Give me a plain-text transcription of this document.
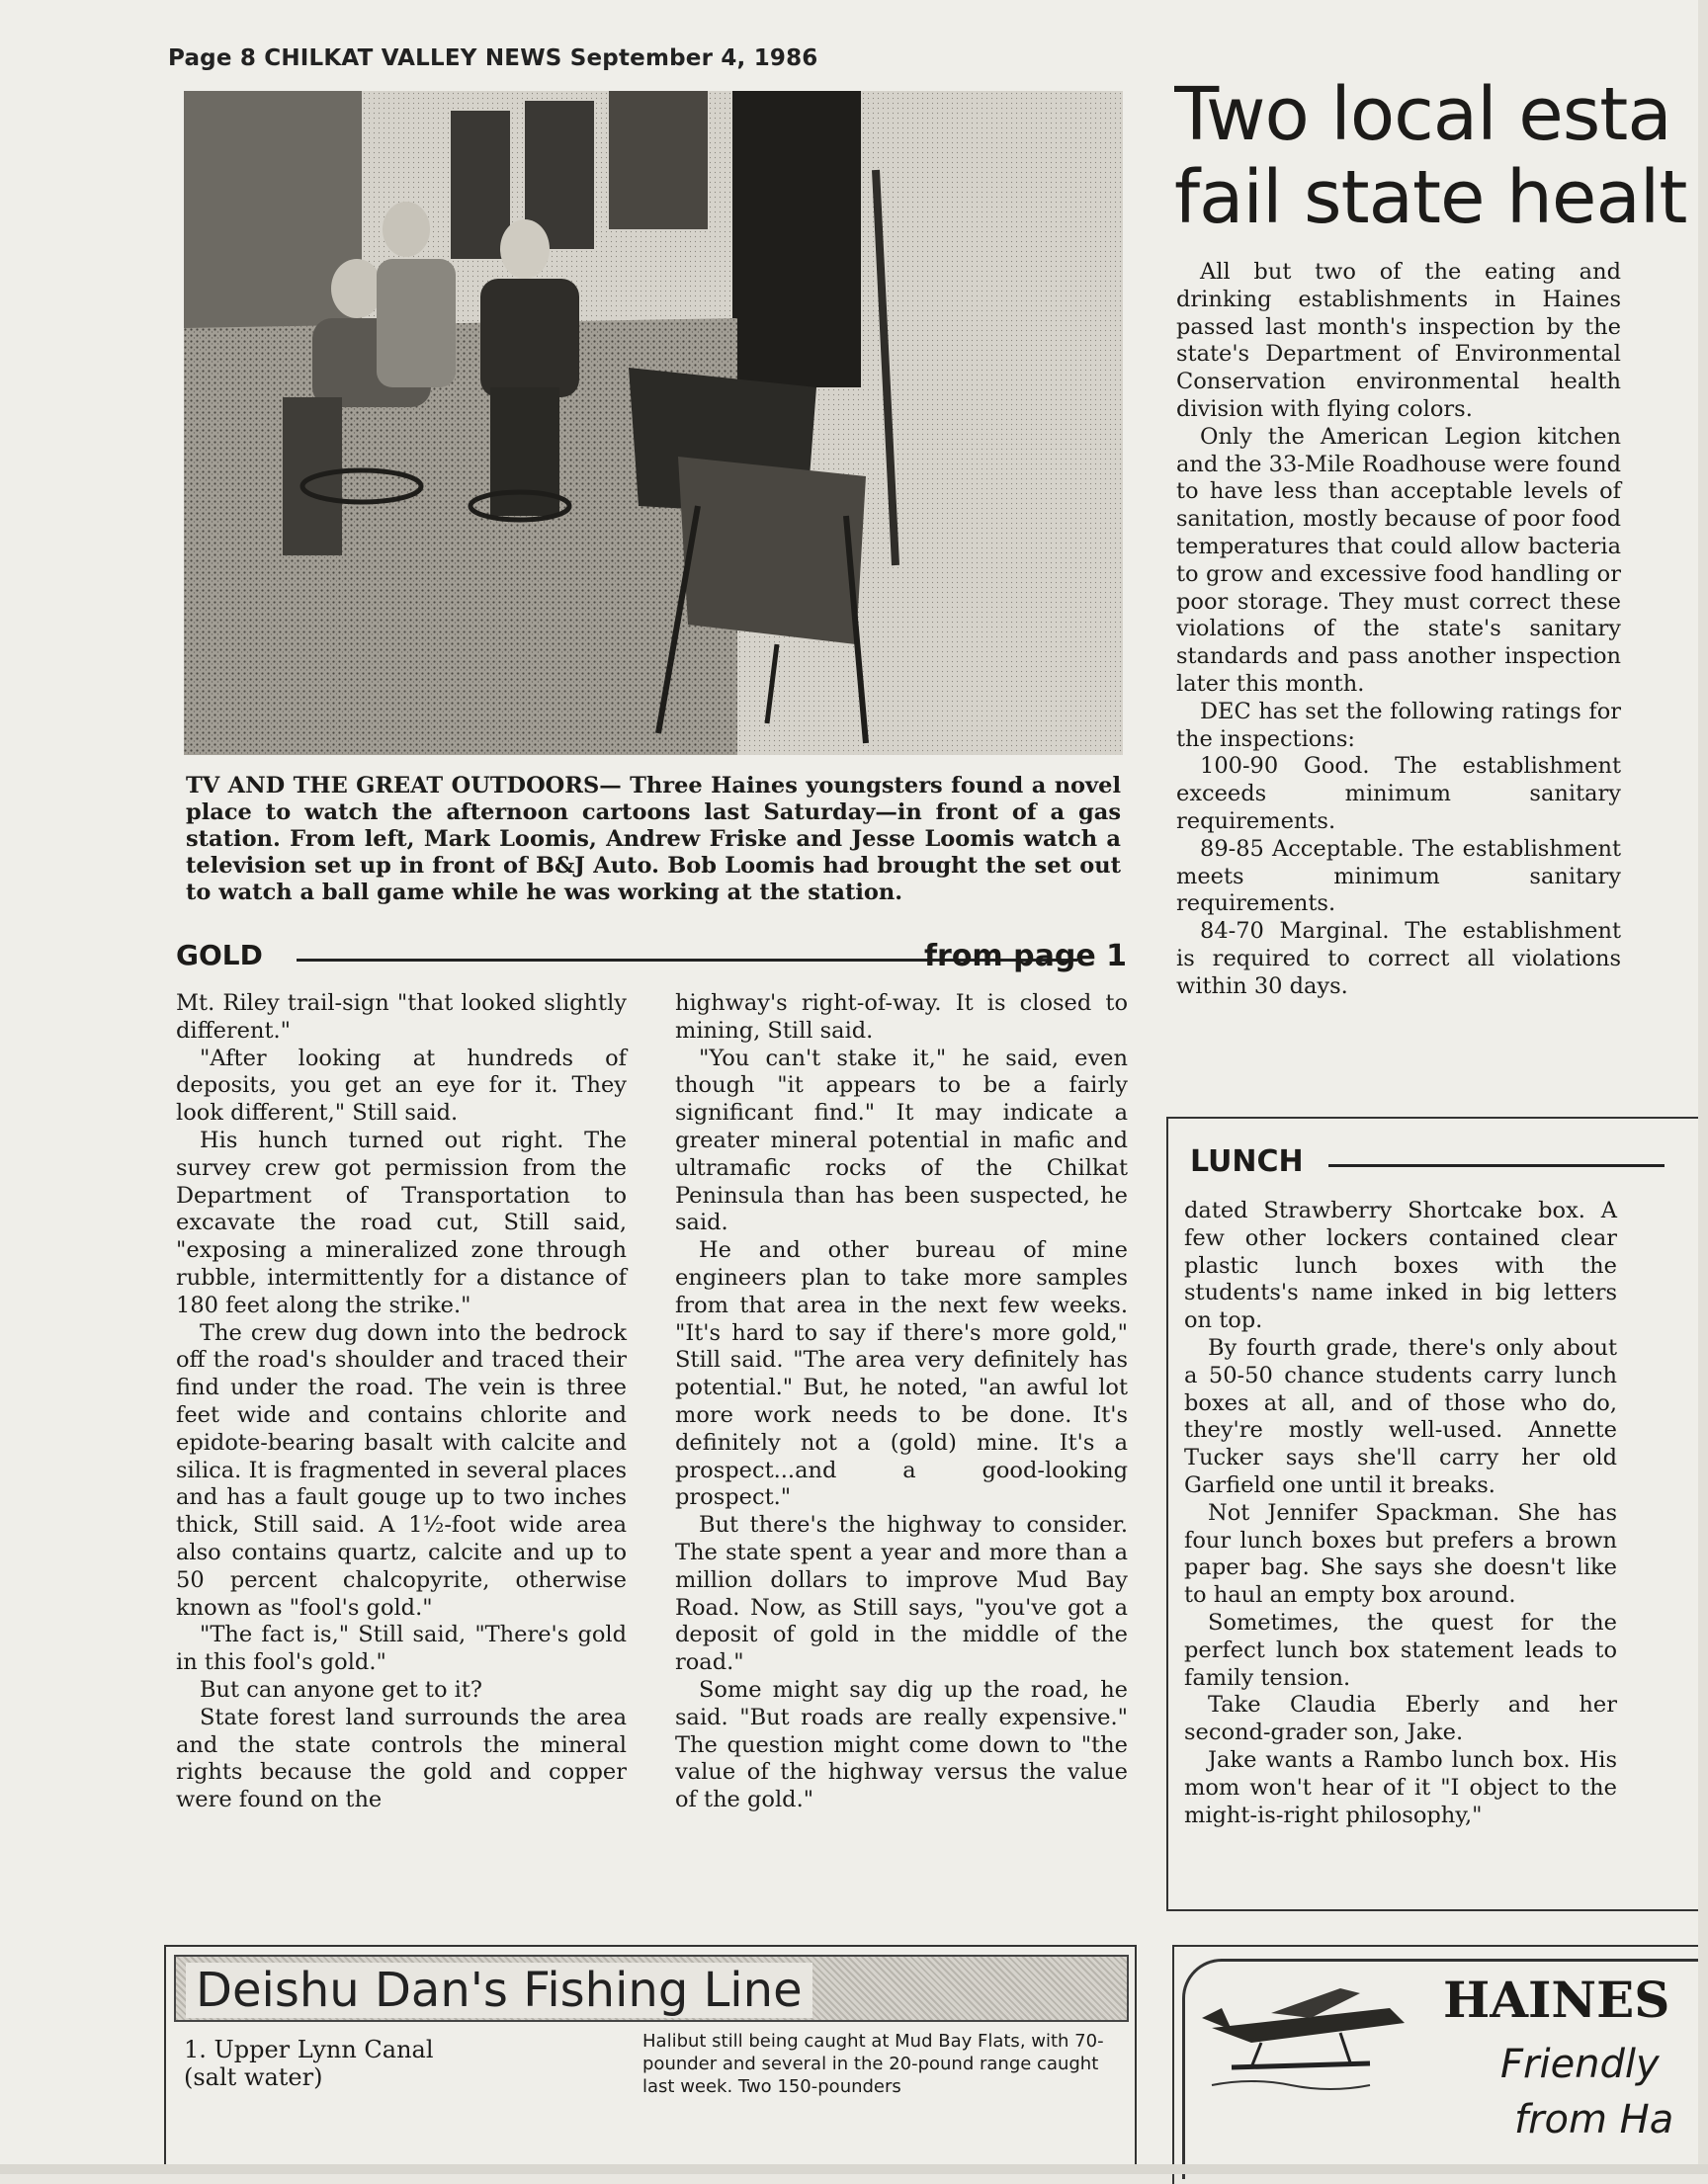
Page 8 CHILKAT VALLEY NEWS September 4, 1986
TV AND THE GREAT OUTDOORS— Three Haines youngsters found a novel place to watch the afternoon cartoons last Saturday—in front of a gas station. From left, Mark Loomis, Andrew Friske and Jesse Loomis watch a television set up in front of B&J Auto. Bob Loomis had brought the set out to watch a ball game while he was working at the station.
GOLD	from page 1

Mt. Riley trail-sign "that looked slightly different."

"After looking at hundreds of deposits, you get an eye for it. They look different," Still said.

His hunch turned out right. The survey crew got permission from the Department of Transportation to excavate the road cut, Still said, "exposing a mineralized zone through rubble, intermittently for a distance of 180 feet along the strike."

The crew dug down into the bedrock off the road's shoulder and traced their find under the road. The vein is three feet wide and contains chlorite and epidote-bearing basalt with calcite and silica. It is fragmented in several places and has a fault gouge up to two inches thick, Still said. A 1½-foot wide area also contains quartz, calcite and up to 50 percent chalcopyrite, otherwise known as "fool's gold."

"The fact is," Still said, "There's gold in this fool's gold."

But can anyone get to it?

State forest land surrounds the area and the state controls the mineral rights because the gold and copper were found on the

highway's right-of-way. It is closed to mining, Still said.

"You can't stake it," he said, even though "it appears to be a fairly significant find." It may indicate a greater mineral potential in mafic and ultramafic rocks of the Chilkat Peninsula than has been suspected, he said.

He and other bureau of mine engineers plan to take more samples from that area in the next few weeks. "It's hard to say if there's more gold," Still said. "The area very definitely has potential." But, he noted, "an awful lot more work needs to be done. It's definitely not a (gold) mine. It's a prospect...and a good-looking prospect."

But there's the highway to consider. The state spent a year and more than a million dollars to improve Mud Bay Road. Now, as Still says, "you've got a deposit of gold in the middle of the road."

Some might say dig up the road, he said. "But roads are really expensive." The question might come down to "the value of the highway versus the value of the gold."

Two local esta
fail state healt

All but two of the eating and drinking establishments in Haines passed last month's inspection by the state's Department of Environmental Conservation environmental health division with flying colors.

Only the American Legion kitchen and the 33-Mile Roadhouse were found to have less than acceptable levels of sanitation, mostly because of poor food temperatures that could allow bacteria to grow and excessive food handling or poor storage. They must correct these violations of the state's sanitary standards and pass another inspection later this month.

DEC has set the following ratings for the inspections:

100-90 Good. The establishment exceeds minimum sanitary requirements.

89-85 Acceptable. The establishment meets minimum sanitary requirements.

84-70 Marginal. The establishment is required to correct all violations within 30 days.

LUNCH

dated Strawberry Shortcake box. A few other lockers contained clear plastic lunch boxes with the students's name inked in big letters on top.

By fourth grade, there's only about a 50-50 chance students carry lunch boxes at all, and of those who do, they're mostly well-used. Annette Tucker says she'll carry her old Garfield one until it breaks.

Not Jennifer Spackman. She has four lunch boxes but prefers a brown paper bag. She says she doesn't like to haul an empty box around.

Sometimes, the quest for the perfect lunch box statement leads to family tension.

Take Claudia Eberly and her second-grader son, Jake.

Jake wants a Rambo lunch box. His mom won't hear of it "I object to the might-is-right philosophy,"

Deishu Dan's Fishing Line
1. Upper Lynn Canal
(salt water)
Halibut still being caught at Mud Bay Flats, with 70-pounder and several in the 20-pound range caught last week. Two 150-pounders
HAINES
Friendly
from Ha
